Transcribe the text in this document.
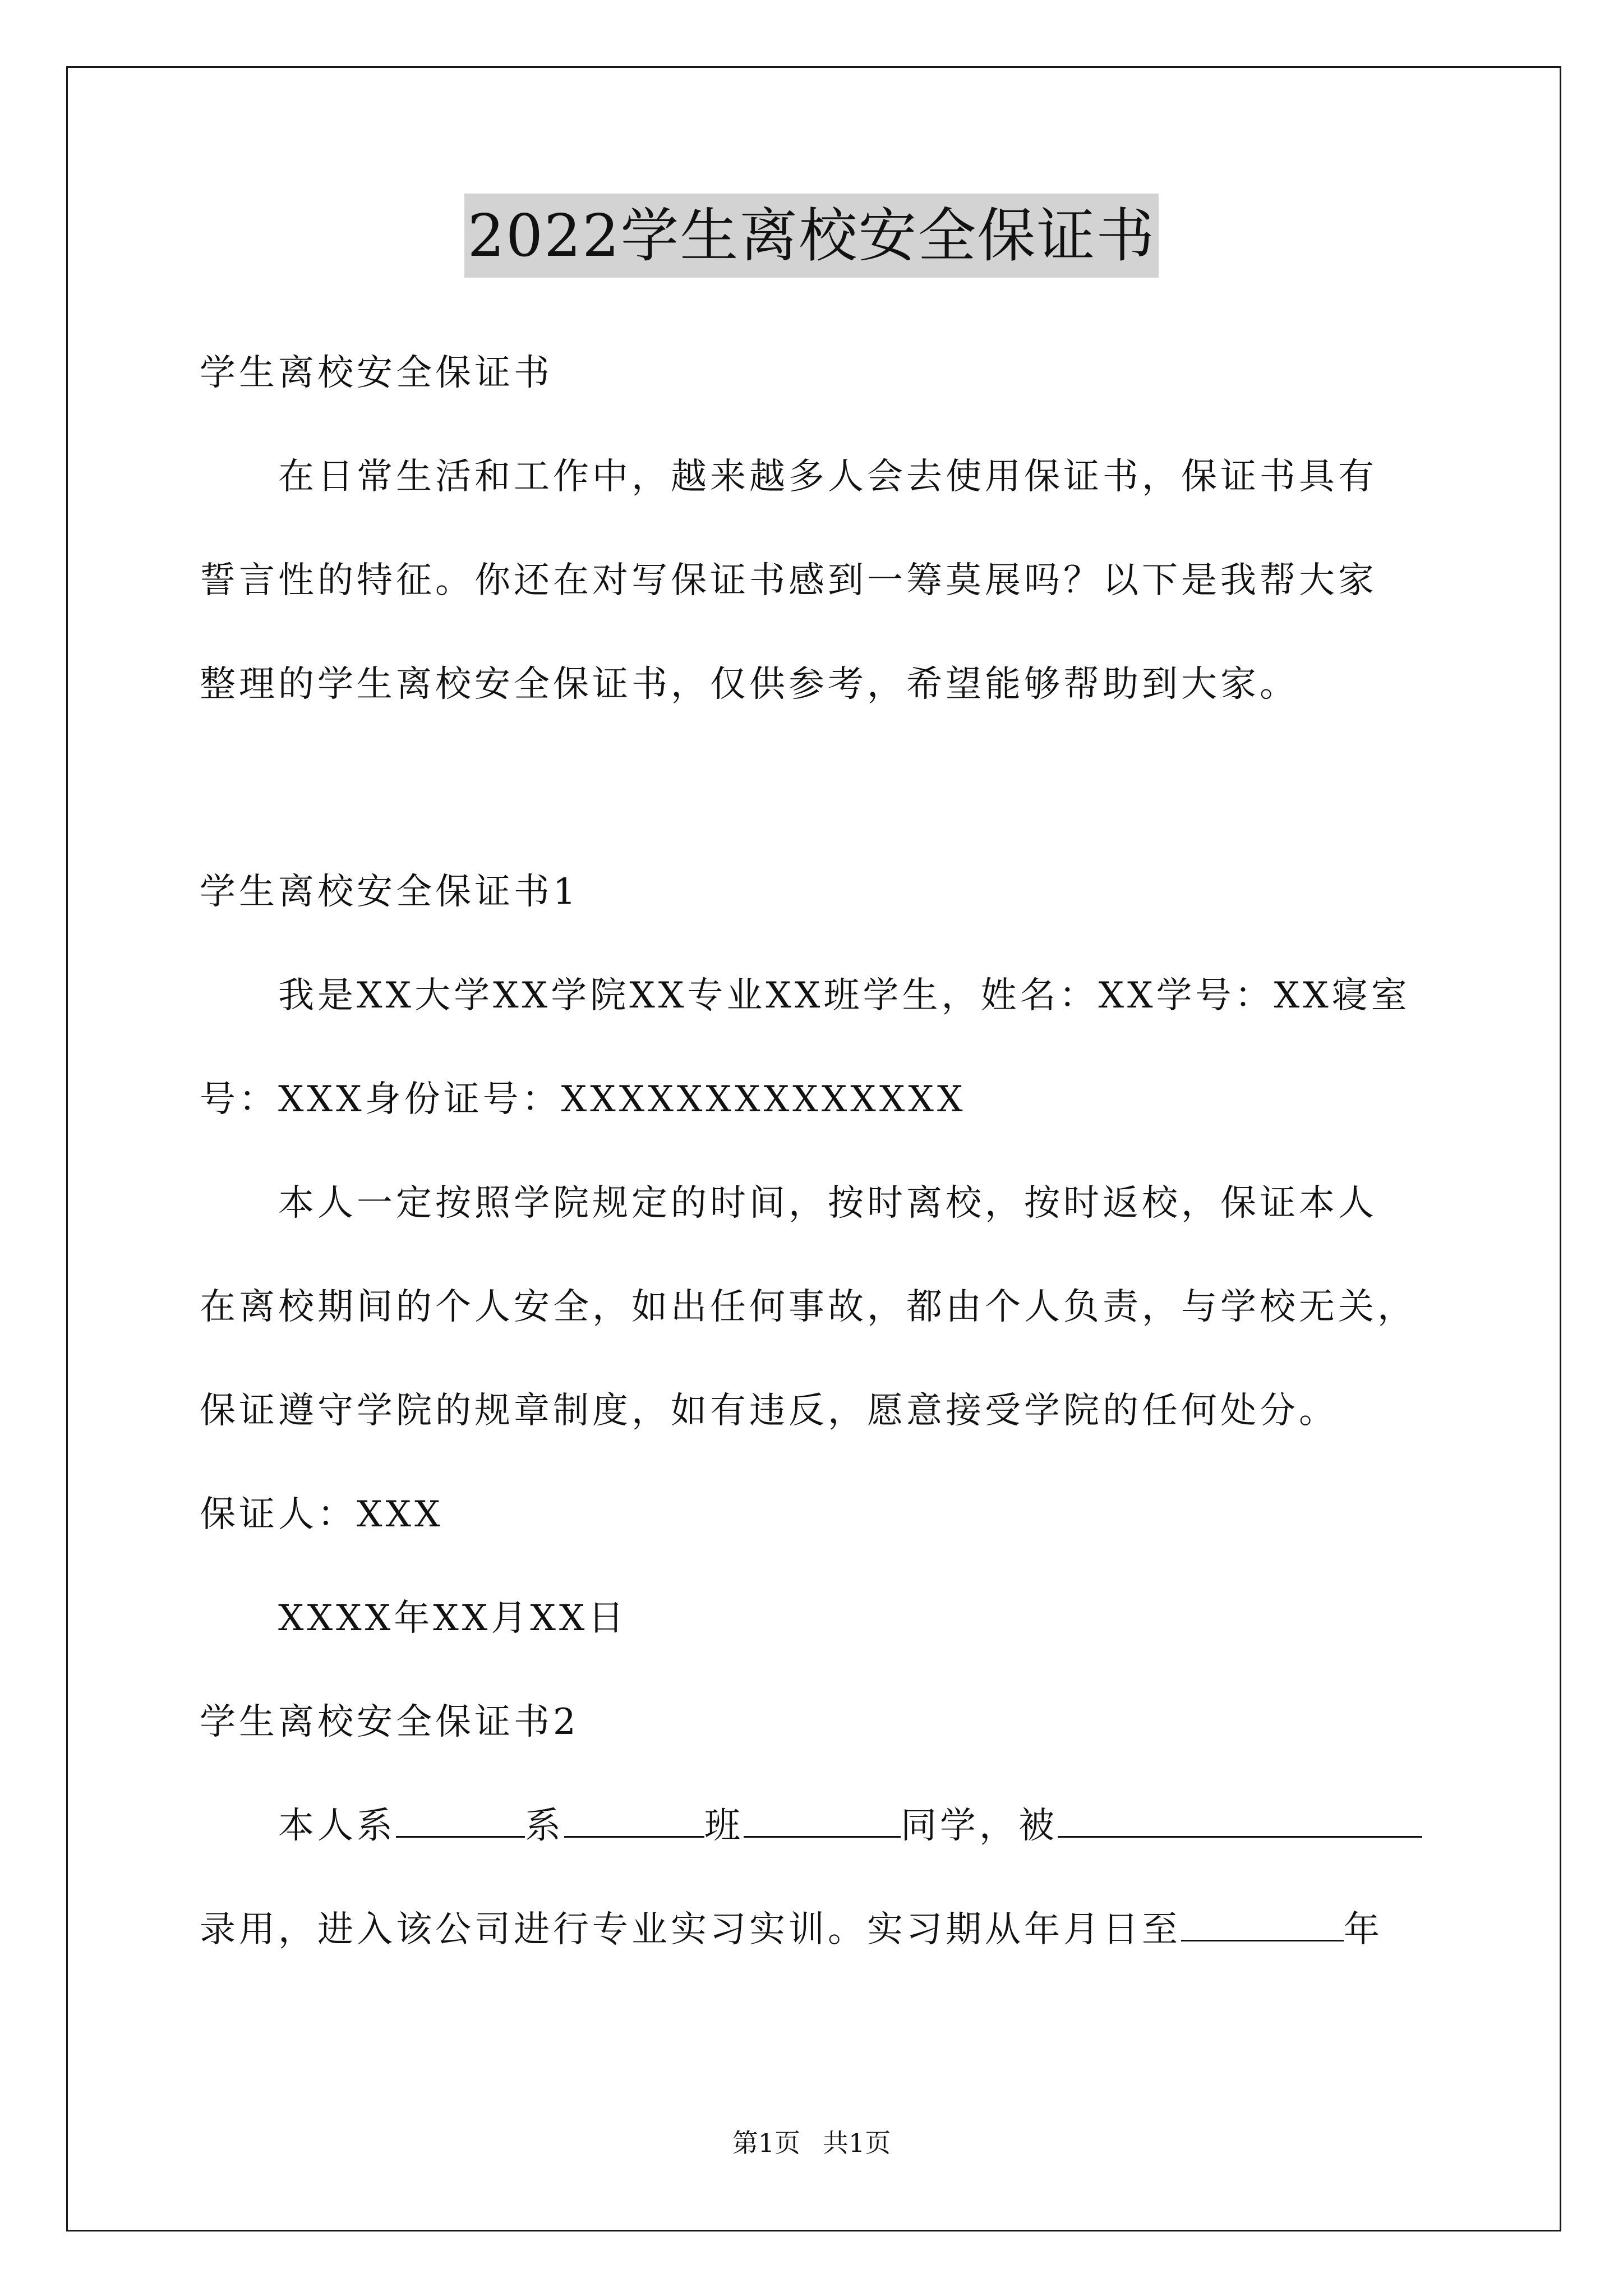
2022学生离校安全保证书
学生离校安全保证书
在日常生活和工作中，越来越多人会去使用保证书，保证书具有
誓言性的特征。你还在对写保证书感到一筹莫展吗？以下是我帮大家
整理的学生离校安全保证书，仅供参考，希望能够帮助到大家。
学生离校安全保证书1
我是XX大学XX学院XX专业XX班学生，姓名：XX学号：XX寝室
号：XXX身份证号：XXXXXXXXXXXXXX
本人一定按照学院规定的时间，按时离校，按时返校，保证本人
在离校期间的个人安全，如出任何事故，都由个人负责，与学校无关，
保证遵守学院的规章制度，如有违反，愿意接受学院的任何处分。
保证人：XXX
XXXX年XX月XX日
学生离校安全保证书2
本人系	系	班	同学，被
录用，进入该公司进行专业实习实训。实习期从年月日至	年
第1页 共1页
